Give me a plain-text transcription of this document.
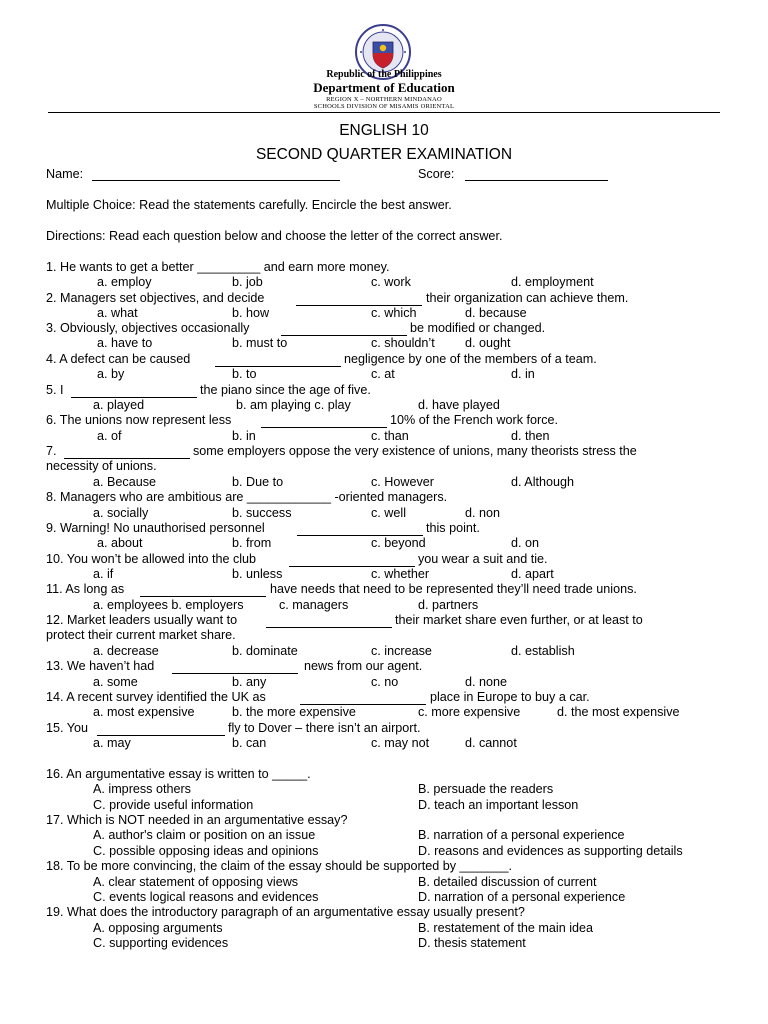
Republic of the Philippines
Department of Education
REGION X – NORTHERN MINDANAO
SCHOOLS DIVISION OF MISAMIS ORIENTAL
ENGLISH 10
SECOND QUARTER EXAMINATION
Name:	Score:
Multiple Choice: Read the statements carefully. Encircle the best answer.
Directions: Read each question below and choose the letter of the correct answer.
1. He wants to get a better _________ and earn more money.
a. employ	b. job	c. work	d. employment
2. Managers set objectives, and decide	their organization can achieve them.
a. what	b. how	c. which	d. because
3. Obviously, objectives occasionally	be modified or changed.
a. have to	b. must to	c. shouldn’t d. ought
4. A defect can be caused	negligence by one of the members of a team.
a. by	b. to	c. at	d. in
5. I	the piano since the age of five.
a. played	b. am playing c. play	d. have played
6. The unions now represent less	10% of the French work force.
a. of	b. in	c. than	d. then
7.	some employers oppose the very existence of unions, many theorists stress the
necessity of unions.
a. Because	b. Due to	c. However	d. Although
8. Managers who are ambitious are ____________ -oriented managers.
a. socially	b. success	c. well	d. non
9. Warning! No unauthorised personnel	this point.
a. about	b. from	c. beyond	d. on
10. You won’t be allowed into the club	you wear a suit and tie.
a. if	b. unless	c. whether	d. apart
11. As long as	have needs that need to be represented they’ll need trade unions.
a. employees b. employers	c. managers	d. partners
12. Market leaders usually want to	their market share even further, or at least to
protect their current market share.
a. decrease	b. dominate	c. increase	d. establish
13. We haven’t had	news from our agent.
a. some	b. any	c. no	d. none
14. A recent survey identified the UK as	place in Europe to buy a car.
a. most expensive	b. the more expensive	c. more expensive	d. the most expensive
15. You	fly to Dover – there isn’t an airport.
a. may	b. can	c. may not	d. cannot
16. An argumentative essay is written to _____.
A. impress others	B. persuade the readers
C. provide useful information	D. teach an important lesson
17. Which is NOT needed in an argumentative essay?
A. author's claim or position on an issue	B. narration of a personal experience
C. possible opposing ideas and opinions	D. reasons and evidences as supporting details
18. To be more convincing, the claim of the essay should be supported by _______.
A. clear statement of opposing views	B. detailed discussion of current
C. events logical reasons and evidences	D. narration of a personal experience
19. What does the introductory paragraph of an argumentative essay usually present?
A. opposing arguments	B. restatement of the main idea
C. supporting evidences	D. thesis statement
